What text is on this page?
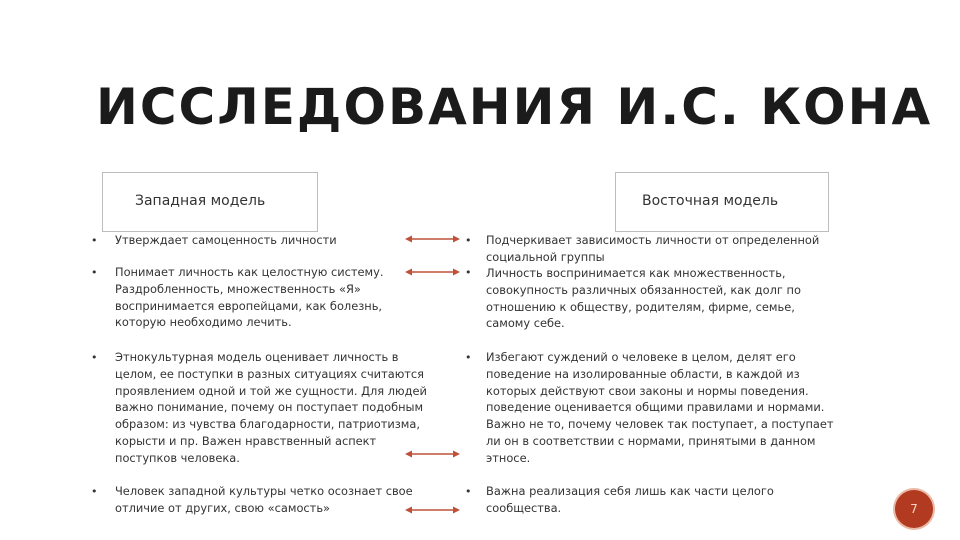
ИССЛЕДОВАНИЯ И.С. КОНА
Западная модель	Восточная модель
• Утверждает самоценность личности
• Понимает личность как целостную систему.
Раздробленность, множественность «Я»
воспринимается европейцами, как болезнь,
которую необходимо лечить.
• Этнокультурная модель оценивает личность в
целом, ее поступки в разных ситуациях считаются
проявлением одной и той же сущности. Для людей
важно понимание, почему он поступает подобным
образом: из чувства благодарности, патриотизма,
корысти и пр. Важен нравственный аспект
поступков человека.
• Человек западной культуры четко осознает свое
отличие от других, свою «самость»
• Подчеркивает зависимость личности от определенной
социальной группы
• Личность воспринимается как множественность,
совокупность различных обязанностей, как долг по
отношению к обществу, родителям, фирме, семье,
самому себе.
• Избегают суждений о человеке в целом, делят его
поведение на изолированные области, в каждой из
которых действуют свои законы и нормы поведения.
поведение оценивается общими правилами и нормами.
Важно не то, почему человек так поступает, а поступает
ли он в соответствии с нормами, принятыми в данном
этносе.
• Важна реализация себя лишь как части целого
сообщества.	7
